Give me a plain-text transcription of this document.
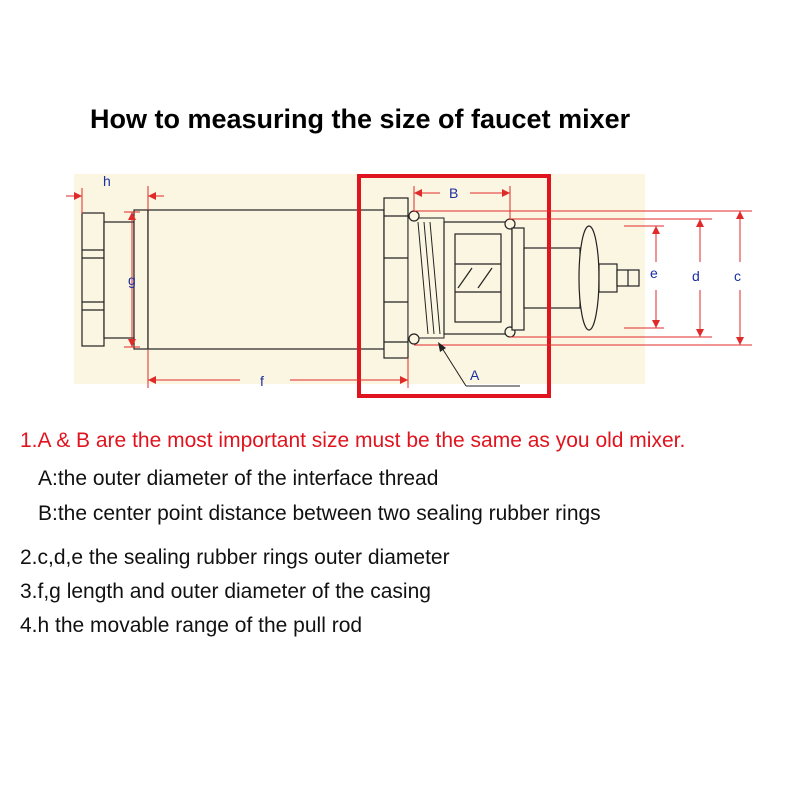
How to measuring the size of faucet mixer
h
g
f
B
A
e d c
1.A & B are the most important size must be the same as you old mixer.
A:the outer diameter of the interface thread
B:the center point distance between two sealing rubber rings
2.c,d,e the sealing rubber rings outer diameter
3.f,g length and outer diameter of the casing
4.h the movable range of the pull rod
